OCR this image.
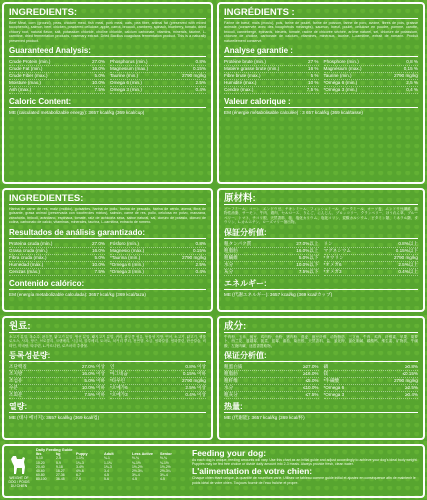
INGREDIENTS:

Beef Meal, corn (ground), peas, chicken meal, fish meal, pork meal, oats, pea fiber, animal fat (preserved with mixed tocopherols), salmon, beef, chicken, powdered cellulose, apple, carrot, broccoli, cranberry, spinach, blueberry, tomato, dried chicory root, natural flavor, salt, potassium chloride, choline chloride, calcium carbonate, vitamins, minerals, taurine, L-carnitine, dried fermentation products, rosemary extract. Dried Bacillus coagulans fermentation product. This is a naturally preserved product.

Guaranteed Analysis:
Crude Protein (min.)	27.0%
Crude Fat (min.)	16.0%
Crude Fiber (max.)	5.0%
Moisture (max.)	10.0%
Ash (max.)	7.5%
Phosphorus (min.)	0.8%
Magnesium (max.)	0.15%
Taurine (min.)	2790 mg/kg
Omega 6 (min.)	2.5%
Omega 3 (min.)	0.4%
Caloric Content:
ME (calculated metabolizable energy): 3657 kcal/kg (369 kcal/cup)
INGRÉDIENTS :

Farine de bœuf, maïs (moulu), pois, farine de poulet, farine de poisson, farine de porc, avoine, fibres de pois, graisse animale (conservée avec des tocophérols mélangés), saumon, bœuf, poulet, cellulose en poudre, pomme, carotte, brocoli, canneberge, épinards, bleuets, tomate, racine de chicorée séchée, arôme naturel, sel, chlorure de potassium, chlorure de choline, carbonate de calcium, vitamines, minéraux, taurine, L-carnitine, extrait de romarin. Produit naturellement conservé.

Analyse garantie :
Protéine brute (min.)	27 %
Matière grasse brute (min.)	16 %
Fibre brute (max.)	5 %
Humidité (max.)	10 %
Cendre (max.)	7,5 %
Phosphore (min.)	0,8 %
Magnésium (max.)	0,15 %
Taurine (min.)	2790 mg/kg
*Oméga 6 (min.)	2,5 %
*Oméga 3 (min.)	0,4 %
Valeur calorique :
EM (énergie métabolisable calculée) : 3 657 kcal/kg (369 kcal/tasse)
INGREDIENTES:

Harina de carne de res, maíz (molido), guisantes, harina de pollo, harina de pescado, harina de cerdo, avena, fibra de guisante, grasa animal (preservada con tocoferoles mixtos), salmón, carne de res, pollo, celulosa en polvo, manzana, zanahoria, brócoli, arándano, espinaca, tomate, raíz de achicoria seca, sabor natural, sal, cloruro de potasio, cloruro de colina, carbonato de calcio, vitaminas, minerales, taurina, L-carnitina, extracto de romero.

Resultados de análisis garantizado:
Proteína cruda (mín.)	27.0%
Grasa cruda (mín.)	16.0%
Fibra cruda (máx.)	5.0%
Humedad (máx.)	10.0%
Cenizas (máx.)	7.5%
Fósforo (mín.)	0.8%
Magnesio (máx.)	0.15%
*Taurina (mín.)	2790 mg/kg
*Omega 6 (mín.)	2.5%
*Omega 3 (mín.)	0.4%
Contenido calórico:
EM (energía metabolizable calculada): 3657 kcal/kg (369 kcal/taza)
原材料:

ビーフミール、コーン、エンドウ豆、チキンミール、フィッシュミール、ポークミール、オーツ麦、エンドウ豆繊維、動物性油脂、サーモン、牛肉、鶏肉、セルロース、りんご、にんじん、ブロッコリー、クランベリー、ほうれん草、ブルーベリー、トマト、チコリ根、天然香料、塩、塩化カリウム、塩化コリン、炭酸カルシウム、ビタミン類、ミネラル類、タウリン、L-カルニチン、ローズマリー抽出物。

保証分析値:
粗タンパク質	27.0%以上
粗脂肪	16.0%以上
粗繊維	5.0%以下
水分	10.0%以下
灰分	7.5%以下
リン	0.8%以上
マグネシウム	0.15%以下
*タウリン	2790 mg/kg
*オメガ6	2.5%以上
*オメガ3	0.4%以上
エネルギー:
ME (代謝エネルギー): 3657 kcal/kg (369 kcal/カップ)
원료:

소고기 분말, 옥수수, 완두콩, 닭고기 분말, 생선 분말, 돼지고기 분말, 귀리, 완두콩 섬유, 동물성 지방, 연어, 소고기, 닭고기, 셀룰로오스, 사과, 당근, 브로콜리, 크랜베리, 시금치, 블루베리, 토마토, 치커리 뿌리, 천연향, 소금, 염화칼륨, 염화콜린, 탄산칼슘, 비타민, 미네랄, 타우린, L-카르니틴, 로즈마리 추출물.

등록성분량:
조단백질	27.0% 이상
조지방	16.0% 이상
조섬유	5.0% 이하
수분	10.0% 이하
조회분	7.5% 이하
인	0.8% 이상
마그네슘	0.15% 이하
*타우린	2790 mg/kg
*오메가6	2.5% 이상
*오메가3	0.4% 이상
열량:
ME (대사 에너지): 3657 kcal/kg (369 kcal/컵)
成分:

牛肉粉、玉米、豌豆、鸡肉粉、鱼粉、猪肉粉、燕麦、豌豆纤维、动物脂肪、三文鱼、牛肉、鸡肉、纤维素、苹果、胡萝卜、西兰花、蔓越莓、菠菜、蓝莓、番茄、菊苣根、天然香料、盐、氯化钾、氯化胆碱、碳酸钙、维生素、矿物质、牛磺酸、左旋肉碱、迷迭香提取物。

保证分析值:
粗蛋白质	≥27.0%
粗脂肪	≥16.0%
粗纤维	≤5.0%
水分	≤10.0%
粗灰分	≤7.5%
磷	≥0.8%
镁	≤0.15%
*牛磺酸	2790 mg/kg
*Omega 6	≥2.5%
*Omega 3	≥0.4%
热量:
ME (代谢能): 3657 kcal/kg (369 kcal/杯)
WEIGHT OF DOG / POIDS DU CHIEN
Daily Feeding Guide
lbs	kg	Puppy	Adult	Less Active	Senior
5-10	2-5	1-1¾	¾-1	½-¾	½-¾
10-20	5-9	1¾-3	1-1¾	¾-1½	¾-1½
20-40	9-18	3-4½	1¾-3	1½-2½	1½-2½
40-60	18-27	4½-6	3-4	2½-3¼	2½-3¼
60-80	27-36	6-7	4-5	3¼-4	3¼-4
80-100	36-45	7-8	5-6	4-5	4-5
Feeding your dog:
As each dog is unique, feeding amounts will vary. Use this chart as an initial guide and adjust accordingly to achieve your dog's ideal body weight. Puppies may be fed free choice or divide daily amount into 2-3 meals. Always provide fresh, clean water.
L'alimentation de votre chien:
Chaque chien étant unique, la quantité de nourriture varie. Utilisez ce tableau comme guide initial et ajustez en conséquence afin de maintenir le poids idéal de votre chien. Toujours fournir de l'eau fraîche et propre.
